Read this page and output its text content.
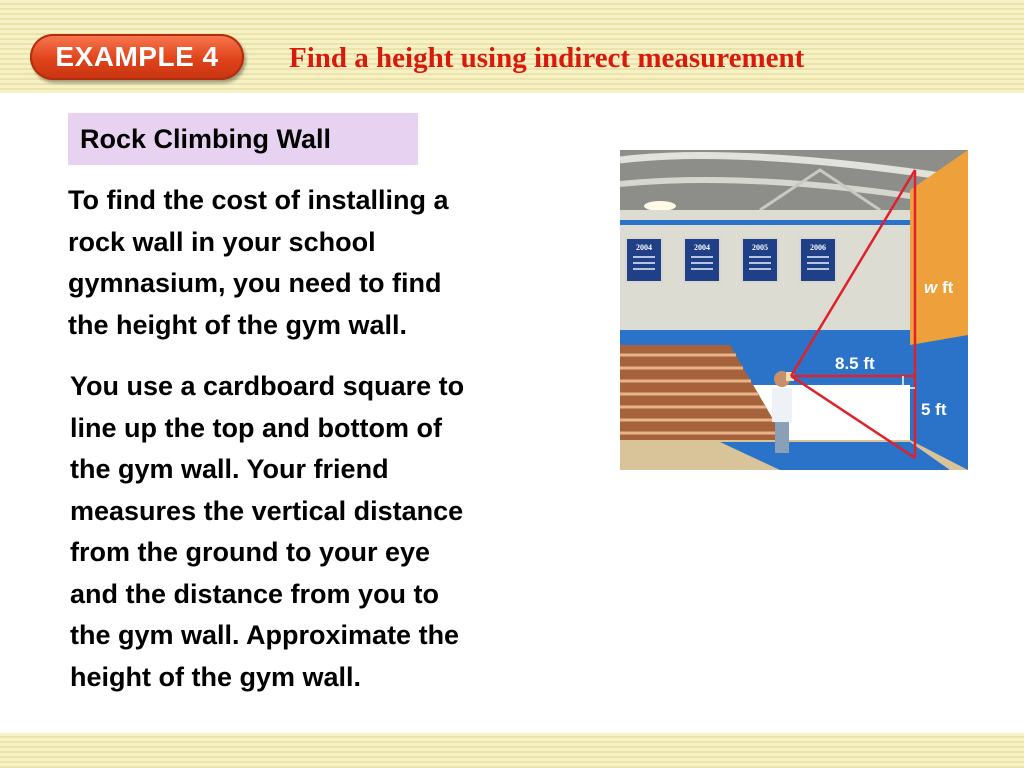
EXAMPLE 4	Find a height using indirect measurement
Rock Climbing Wall
To find the cost of installing a
rock wall in your school
gymnasium, you need to find
the height of the gym wall.
You use a cardboard square to
line up the top and bottom of
the gym wall. Your friend
measures the vertical distance
from the ground to your eye
and the distance from you to
the gym wall. Approximate the
height of the gym wall.
2004	2004	2005	2006
w ft
8.5 ft
5 ft
